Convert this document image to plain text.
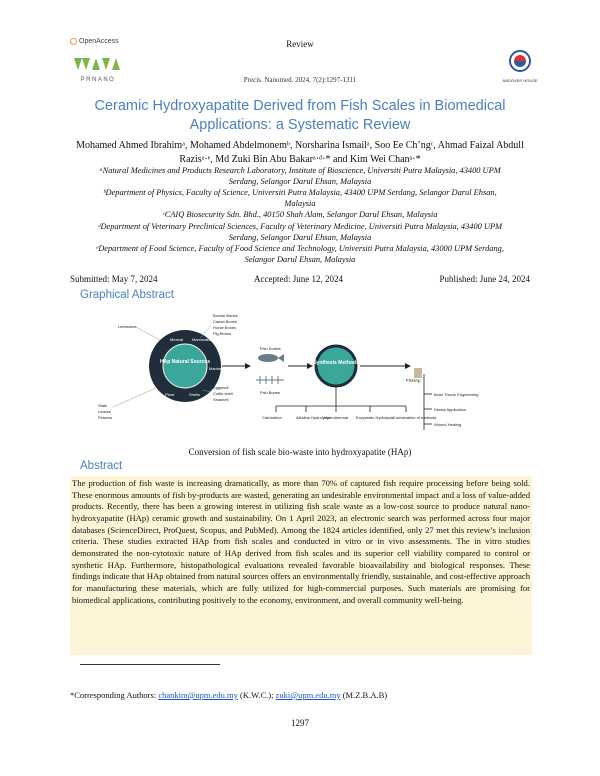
OpenAccess	Review
PRNANO	Precis. Nanomed. 2024, 7(2):1297-1311	ANDOVER HOUSE
Ceramic Hydroxyapatite Derived from Fish Scales in Biomedical Applications: a Systematic Review
Mohamed Ahmed Ibrahimᵃ, Mohamed Abdelmonemᵇ, Norsharina Ismailᵃ, Soo Ee Ch’ngᶜ, Ahmad Faizal Abdull Razisᵃ·ᵉ, Md Zuki Bin Abu Bakarᵃ·ᵈ·* and Kim Wei Chanᵃ·*

ᵃNatural Medicines and Products Research Laboratory, Institute of Bioscience, Universiti Putra Malaysia, 43400 UPM Serdang, Selangor Darul Ehsan, Malaysia

ᵇDepartment of Physics, Faculty of Science, Universiti Putra Malaysia, 43400 UPM Serdang, Selangor Darul Ehsan, Malaysia

ᶜCAIQ Biosecurity Sdn. Bhd., 40150 Shah Alam, Selangor Darul Ehsan, Malaysia

ᵈDepartment of Veterinary Preclinical Sciences, Faculty of Veterinary Medicine, Universiti Putra Malaysia, 43400 UPM Serdang, Selangor Darul Ehsan, Malaysia

ᵉDepartment of Food Science, Faculty of Food Science and Technology, Universiti Putra Malaysia, 43000 UPM Serdang, Selangor Darul Ehsan, Malaysia

Submitted: May 7, 2024	Accepted: June 12, 2024	Published: June 24, 2024
Graphical Abstract
HAp Natural Sources
Mineral Mammalian
Marine
Shells
Plant
Limestone
Stalk
Leaves
Flowers
Bovine Bones
Camel Bones
Horse Bones
Pig Bones
Eggshell
Cuttle shell
Seashell
Fish Scales
Fish Bones
Synthesis Methods
Calcination	Alkaline Hydrolysis
Hydrothermal Enzymatic Hydrolysis
Combination of methods
FSHAp
Bone Tissue Engineering
Dental Application
Wound Healing
Conversion of fish scale bio-waste into hydroxyapatite (HAp)
Abstract
The production of fish waste is increasing dramatically, as more than 70% of captured fish require processing before being sold. These enormous amounts of fish by-products are wasted, generating an undesirable environmental impact and a loss of value-added products. Recently, there has been a growing interest in utilizing fish scale waste as a low-cost source to produce natural nano-hydroxyapatite (HAp) ceramic growth and sustainability. On 1 April 2023, an electronic search was performed across four major databases (ScienceDirect, ProQuest, Scopus, and PubMed). Among the 1824 articles identified, only 27 met this review’s inclusion criteria. These studies extracted HAp from fish scales and conducted in vitro or in vivo assessments. The in vitro studies demonstrated the non-cytotoxic nature of HAp derived from fish scales and its superior cell viability compared to control or synthetic HAp. Furthermore, histopathological evaluations revealed favorable bioavailability and biological responses. These findings indicate that HAp obtained from natural sources offers an environmentally friendly, sustainable, and cost-effective approach for manufacturing these materials, which are fully utilized for high-commercial purposes. Such materials are promising for biomedical applications, contributing positively to the economy, environment, and overall community well-being.
*Corresponding Authors: chankim@upm.edu.my (K.W.C.); zuki@upm.edu.my (M.Z.B.A.B)
1297
